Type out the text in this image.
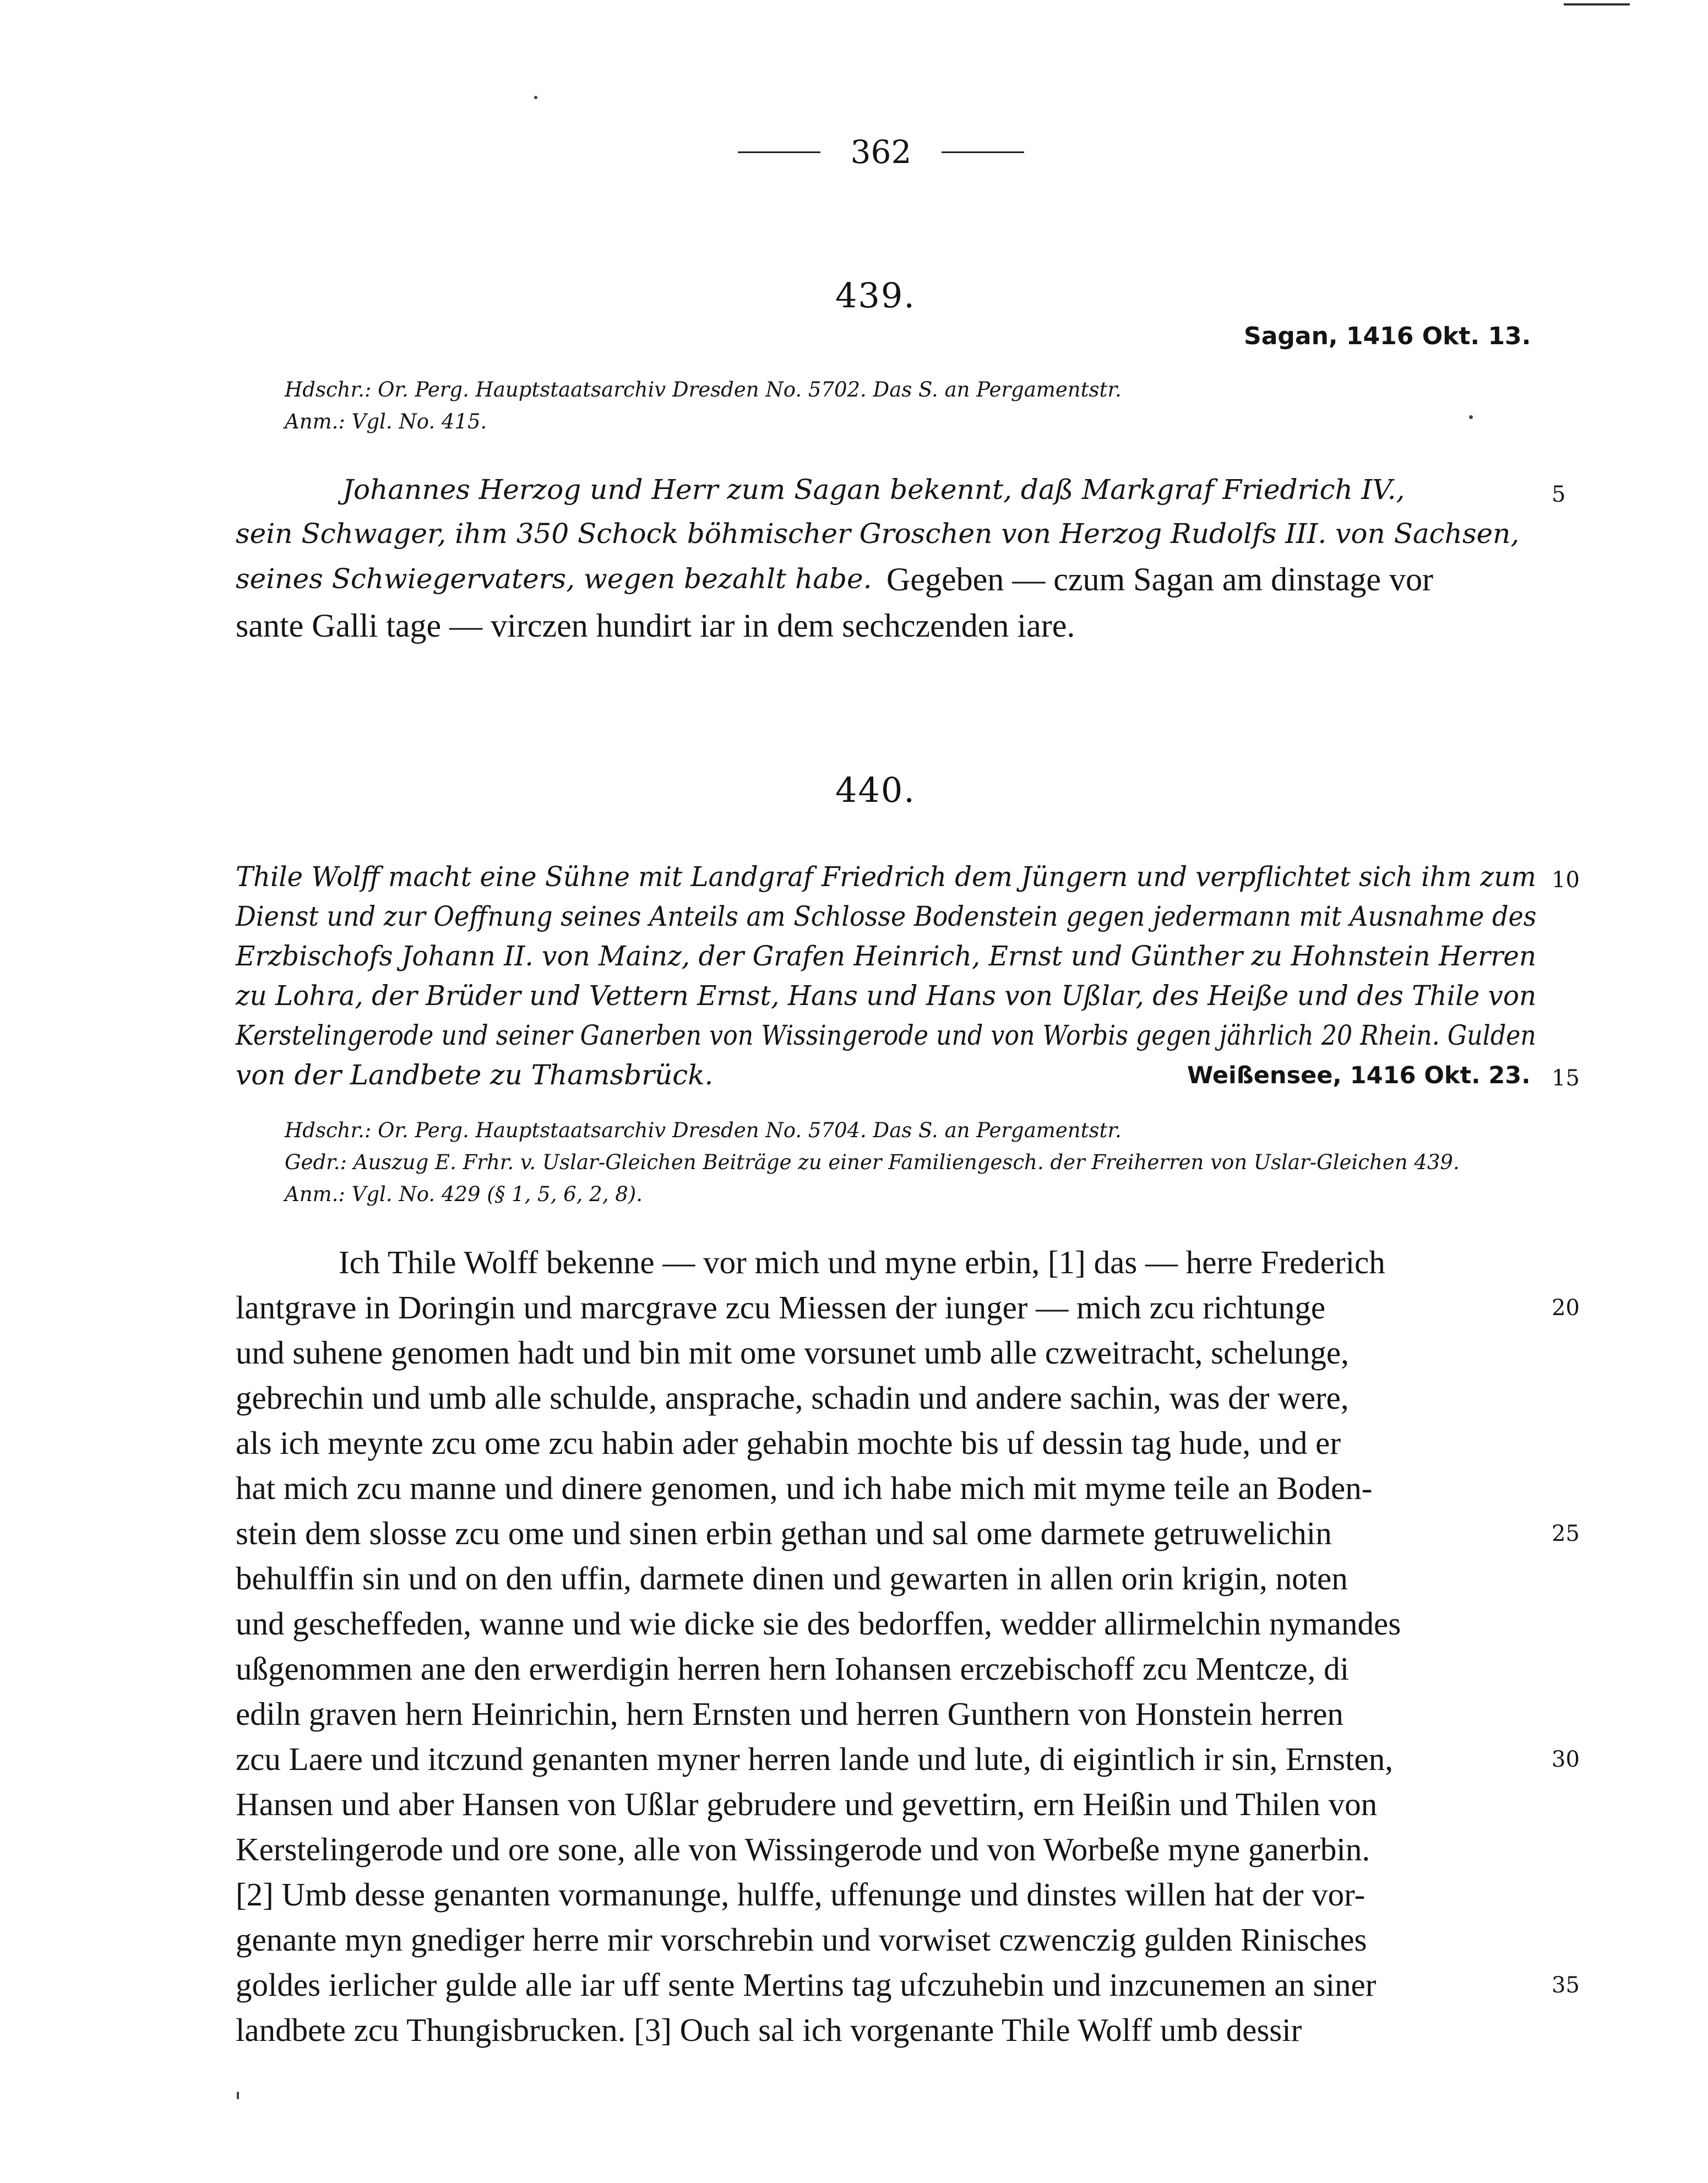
362
439.
Sagan, 1416 Okt. 13.
Hdschr.: Or. Perg. Hauptstaatsarchiv Dresden No. 5702. Das S. an Pergamentstr.
Anm.: Vgl. No. 415.
Johannes Herzog und Herr zum Sagan bekennt, daß Markgraf Friedrich IV.,
sein Schwager, ihm 350 Schock böhmischer Groschen von Herzog Rudolfs III. von Sachsen,
seines Schwiegervaters, wegen bezahlt habe. Gegeben — czum Sagan am dinstage vor
sante Galli tage — virczen hundirt iar in dem sechczenden iare.
440.
Thile Wolff macht eine Sühne mit Landgraf Friedrich dem Jüngern und verpflichtet sich ihm zum
Dienst und zur Oeffnung seines Anteils am Schlosse Bodenstein gegen jedermann mit Ausnahme des
Erzbischofs Johann II. von Mainz, der Grafen Heinrich, Ernst und Günther zu Hohnstein Herren
zu Lohra, der Brüder und Vettern Ernst, Hans und Hans von Ußlar, des Heiße und des Thile von
Kerstelingerode und seiner Ganerben von Wissingerode und von Worbis gegen jährlich 20 Rhein. Gulden
von der Landbete zu Thamsbrück.	Weißensee, 1416 Okt. 23.
Hdschr.: Or. Perg. Hauptstaatsarchiv Dresden No. 5704. Das S. an Pergamentstr.
Gedr.: Auszug E. Frhr. v. Uslar-Gleichen Beiträge zu einer Familiengesch. der Freiherren von Uslar-Gleichen 439.
Anm.: Vgl. No. 429 (§ 1, 5, 6, 2, 8).
Ich Thile Wolff bekenne — vor mich und myne erbin, [1] das — herre Frederich
lantgrave in Doringin und marcgrave zcu Miessen der iunger — mich zcu richtunge
und suhene genomen hadt und bin mit ome vorsunet umb alle czweitracht, schelunge,
gebrechin und umb alle schulde, ansprache, schadin und andere sachin, was der were,
als ich meynte zcu ome zcu habin ader gehabin mochte bis uf dessin tag hude, und er
hat mich zcu manne und dinere genomen, und ich habe mich mit myme teile an Boden-
stein dem slosse zcu ome und sinen erbin gethan und sal ome darmete getruwelichin
behulffin sin und on den uffin, darmete dinen und gewarten in allen orin krigin, noten
und gescheffeden, wanne und wie dicke sie des bedorffen, wedder allirmelchin nymandes
ußgenommen ane den erwerdigin herren hern Iohansen erczebischoff zcu Mentcze, di
ediln graven hern Heinrichin, hern Ernsten und herren Gunthern von Honstein herren
zcu Laere und itczund genanten myner herren lande und lute, di eigintlich ir sin, Ernsten,
Hansen und aber Hansen von Ußlar gebrudere und gevettirn, ern Heißin und Thilen von
Kerstelingerode und ore sone, alle von Wissingerode und von Worbeße myne ganerbin.
[2] Umb desse genanten vormanunge, hulffe, uffenunge und dinstes willen hat der vor-
genante myn gnediger herre mir vorschrebin und vorwiset czwenczig gulden Rinisches
goldes ierlicher gulde alle iar uff sente Mertins tag ufczuhebin und inzcunemen an siner
landbete zcu Thungisbrucken. [3] Ouch sal ich vorgenante Thile Wolff umb dessir
5
10
15
20
25
30
35
